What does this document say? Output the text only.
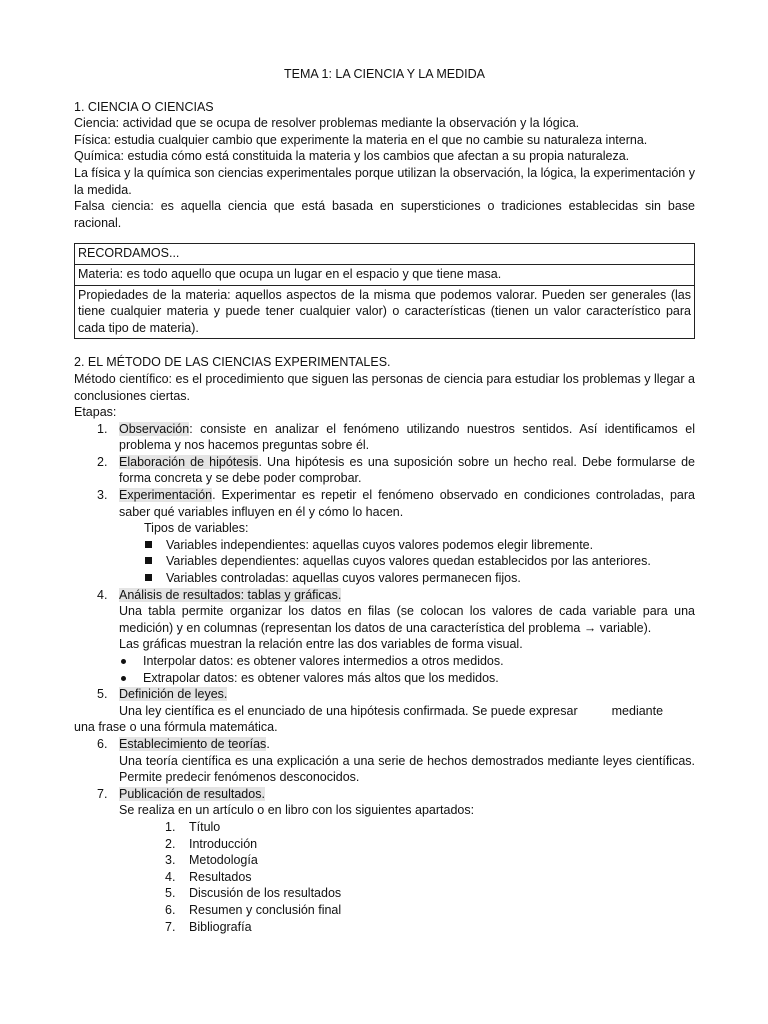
TEMA 1: LA CIENCIA Y LA MEDIDA

1. CIENCIA O CIENCIAS

Ciencia: actividad que se ocupa de resolver problemas mediante la observación y la lógica.

Física: estudia cualquier cambio que experimente la materia en el que no cambie su naturaleza interna.

Química: estudia cómo está constituida la materia y los cambios que afectan a su propia naturaleza.

La física y la química son ciencias experimentales porque utilizan la observación, la lógica, la experimentación y la medida.

Falsa ciencia: es aquella ciencia que está basada en supersticiones o tradiciones establecidas sin base racional.

RECORDAMOS...
Materia: es todo aquello que ocupa un lugar en el espacio y que tiene masa.
Propiedades de la materia: aquellos aspectos de la misma que podemos valorar. Pueden ser generales (las tiene cualquier materia y puede tener cualquier valor) o características (tienen un valor característico para cada tipo de materia).

2. EL MÉTODO DE LAS CIENCIAS EXPERIMENTALES.

Método científico: es el procedimiento que siguen las personas de ciencia para estudiar los problemas y llegar a conclusiones ciertas.

Etapas:

1. Observación: consiste en analizar el fenómeno utilizando nuestros sentidos. Así identificamos el problema y nos hacemos preguntas sobre él.

2. Elaboración de hipótesis. Una hipótesis es una suposición sobre un hecho real. Debe formularse de forma concreta y se debe poder comprobar.

3. Experimentación. Experimentar es repetir el fenómeno observado en condiciones controladas, para saber qué variables influyen en él y cómo lo hacen.

Tipos de variables:

Variables independientes: aquellas cuyos valores podemos elegir libremente.
Variables dependientes: aquellas cuyos valores quedan establecidos por las anteriores.
Variables controladas: aquellas cuyos valores permanecen fijos.
4. Análisis de resultados: tablas y gráficas.

Una tabla permite organizar los datos en filas (se colocan los valores de cada variable para una medición) y en columnas (representan los datos de una característica del problema → variable).

Las gráficas muestran la relación entre las dos variables de forma visual.

Interpolar datos: es obtener valores intermedios a otros medidos.
Extrapolar datos: es obtener valores más altos que los medidos.
5. Definición de leyes.

Una ley científica es el enunciado de una hipótesis confirmada. Se puede expresar	mediante

una frase o una fórmula matemática.

6. Establecimiento de teorías.

Una teoría científica es una explicación a una serie de hechos demostrados mediante leyes científicas. Permite predecir fenómenos desconocidos.

7. Publicación de resultados.

Se realiza en un artículo o en libro con los siguientes apartados:

1. Título
2. Introducción
3. Metodología
4. Resultados
5. Discusión de los resultados
6. Resumen y conclusión final
7. Bibliografía
